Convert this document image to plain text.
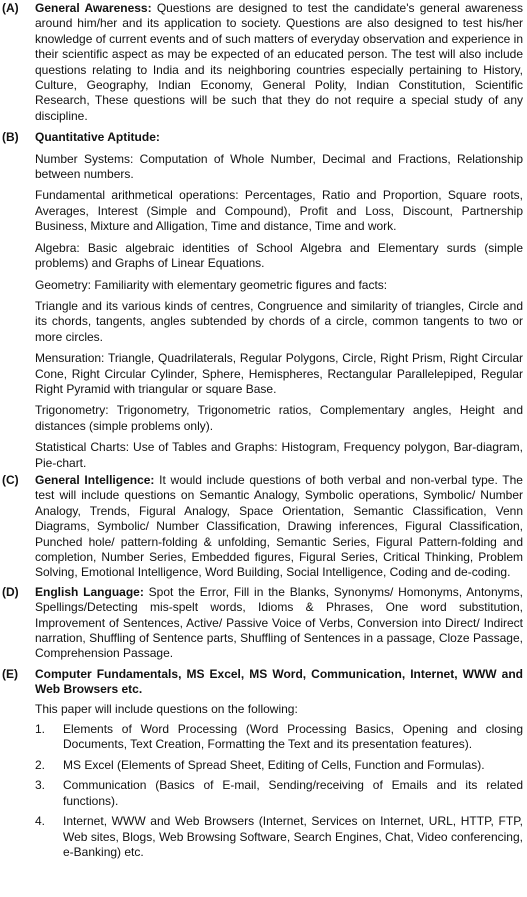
(A)	General Awareness: Questions are designed to test the candidate's general awareness around him/her and its application to society. Questions are also designed to test his/her knowledge of current events and of such matters of everyday observation and experience in their scientific aspect as may be expected of an educated person. The test will also include questions relating to India and its neighboring countries especially pertaining to History, Culture, Geography, Indian Economy, General Polity, Indian Constitution, Scientific Research, These questions will be such that they do not require a special study of any discipline.
(B)	Quantitative Aptitude:

Number Systems: Computation of Whole Number, Decimal and Fractions, Relationship between numbers.

Fundamental arithmetical operations: Percentages, Ratio and Proportion, Square roots, Averages, Interest (Simple and Compound), Profit and Loss, Discount, Partnership Business, Mixture and Alligation, Time and distance, Time and work.

Algebra: Basic algebraic identities of School Algebra and Elementary surds (simple problems) and Graphs of Linear Equations.

Geometry: Familiarity with elementary geometric figures and facts:

Triangle and its various kinds of centres, Congruence and similarity of triangles, Circle and its chords, tangents, angles subtended by chords of a circle, common tangents to two or more circles.

Mensuration: Triangle, Quadrilaterals, Regular Polygons, Circle, Right Prism, Right Circular Cone, Right Circular Cylinder, Sphere, Hemispheres, Rectangular Parallelepiped, Regular Right Pyramid with triangular or square Base.

Trigonometry: Trigonometry, Trigonometric ratios, Complementary angles, Height and distances (simple problems only).

Statistical Charts: Use of Tables and Graphs: Histogram, Frequency polygon, Bar-diagram, Pie-chart.

(C)	General Intelligence: It would include questions of both verbal and non-verbal type. The test will include questions on Semantic Analogy, Symbolic operations, Symbolic/ Number Analogy, Trends, Figural Analogy, Space Orientation, Semantic Classification, Venn Diagrams, Symbolic/ Number Classification, Drawing inferences, Figural Classification, Punched hole/ pattern-folding & unfolding, Semantic Series, Figural Pattern-folding and completion, Number Series, Embedded figures, Figural Series, Critical Thinking, Problem Solving, Emotional Intelligence, Word Building, Social Intelligence, Coding and de-coding.
(D)	English Language: Spot the Error, Fill in the Blanks, Synonyms/ Homonyms, Antonyms, Spellings/Detecting mis-spelt words, Idioms & Phrases, One word substitution, Improvement of Sentences, Active/ Passive Voice of Verbs, Conversion into Direct/ Indirect narration, Shuffling of Sentence parts, Shuffling of Sentences in a passage, Cloze Passage, Comprehension Passage.
(E)	Computer Fundamentals, MS Excel, MS Word, Communication, Internet, WWW and Web Browsers etc.

This paper will include questions on the following:

1.	Elements of Word Processing (Word Processing Basics, Opening and closing Documents, Text Creation, Formatting the Text and its presentation features).
2.	MS Excel (Elements of Spread Sheet, Editing of Cells, Function and Formulas).
3.	Communication (Basics of E-mail, Sending/receiving of Emails and its related functions).
4.	Internet, WWW and Web Browsers (Internet, Services on Internet, URL, HTTP, FTP, Web sites, Blogs, Web Browsing Software, Search Engines, Chat, Video conferencing, e-Banking) etc.
